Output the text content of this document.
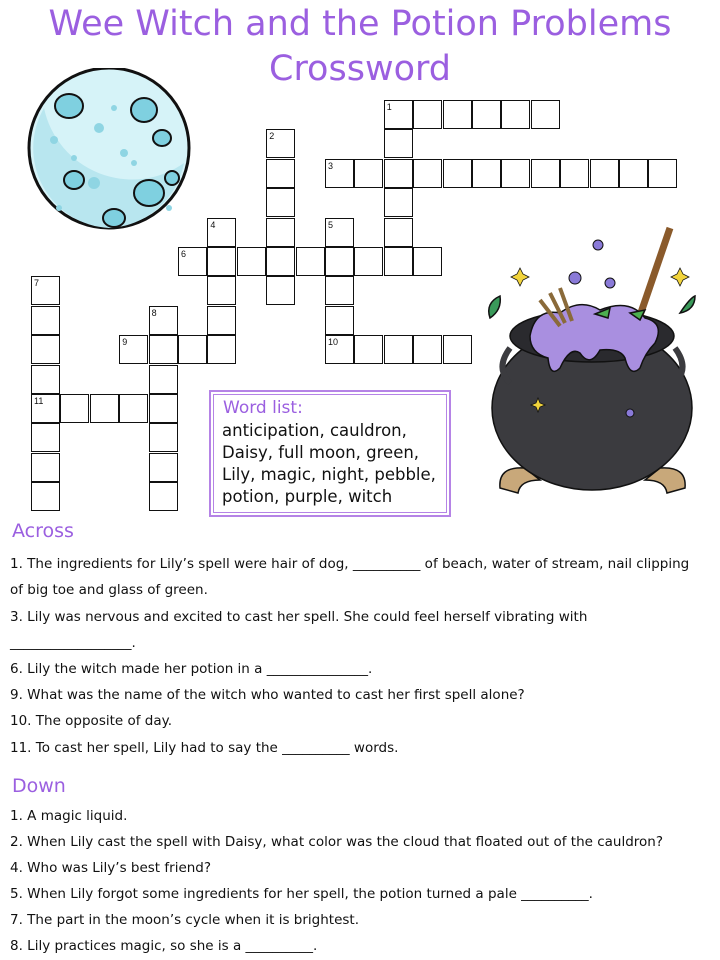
Wee Witch and the Potion Problems
Crossword
1
2
3
4	5
6
7
8
9	10
11	Word list:
anticipation, cauldron, Daisy, full moon, green, Lily, magic, night, pebble, potion, purple, witch
Across
1. The ingredients for Lily’s spell were hair of dog, __________ of beach, water of stream, nail clipping of big toe and glass of green.
3. Lily was nervous and excited to cast her spell. She could feel herself vibrating with __________________.
6. Lily the witch made her potion in a _______________.
9. What was the name of the witch who wanted to cast her first spell alone?
10. The opposite of day.
11. To cast her spell, Lily had to say the __________ words.
Down
1. A magic liquid.
2. When Lily cast the spell with Daisy, what color was the cloud that floated out of the cauldron?
4. Who was Lily’s best friend?
5. When Lily forgot some ingredients for her spell, the potion turned a pale __________.
7. The part in the moon’s cycle when it is brightest.
8. Lily practices magic, so she is a __________.
